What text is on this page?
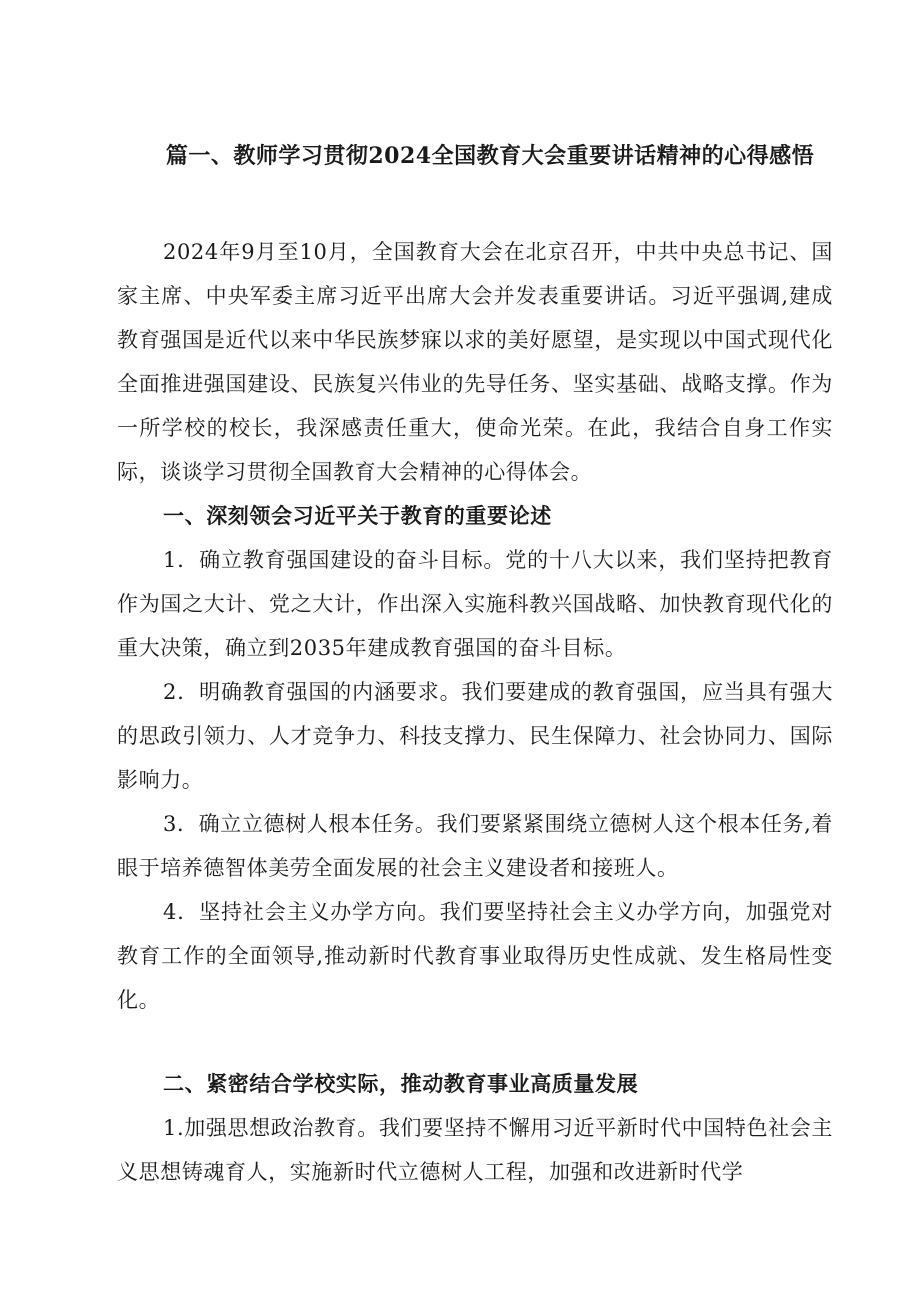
篇一、教师学习贯彻2024全国教育大会重要讲话精神的心得感悟

2024年9月至10月，全国教育大会在北京召开，中共中央总书记、国家主席、中央军委主席习近平出席大会并发表重要讲话。习近平强调,建成教育强国是近代以来中华民族梦寐以求的美好愿望，是实现以中国式现代化全面推进强国建设、民族复兴伟业的先导任务、坚实基础、战略支撑。作为一所学校的校长，我深感责任重大，使命光荣。在此，我结合自身工作实际，谈谈学习贯彻全国教育大会精神的心得体会。

一、深刻领会习近平关于教育的重要论述

1．确立教育强国建设的奋斗目标。党的十八大以来，我们坚持把教育作为国之大计、党之大计，作出深入实施科教兴国战略、加快教育现代化的重大决策，确立到2035年建成教育强国的奋斗目标。

2．明确教育强国的内涵要求。我们要建成的教育强国，应当具有强大的思政引领力、人才竞争力、科技支撑力、民生保障力、社会协同力、国际影响力。

3．确立立德树人根本任务。我们要紧紧围绕立德树人这个根本任务,着眼于培养德智体美劳全面发展的社会主义建设者和接班人。

4．坚持社会主义办学方向。我们要坚持社会主义办学方向，加强党对教育工作的全面领导,推动新时代教育事业取得历史性成就、发生格局性变化。

二、紧密结合学校实际，推动教育事业高质量发展

1.加强思想政治教育。我们要坚持不懈用习近平新时代中国特色社会主义思想铸魂育人，实施新时代立德树人工程，加强和改进新时代学
